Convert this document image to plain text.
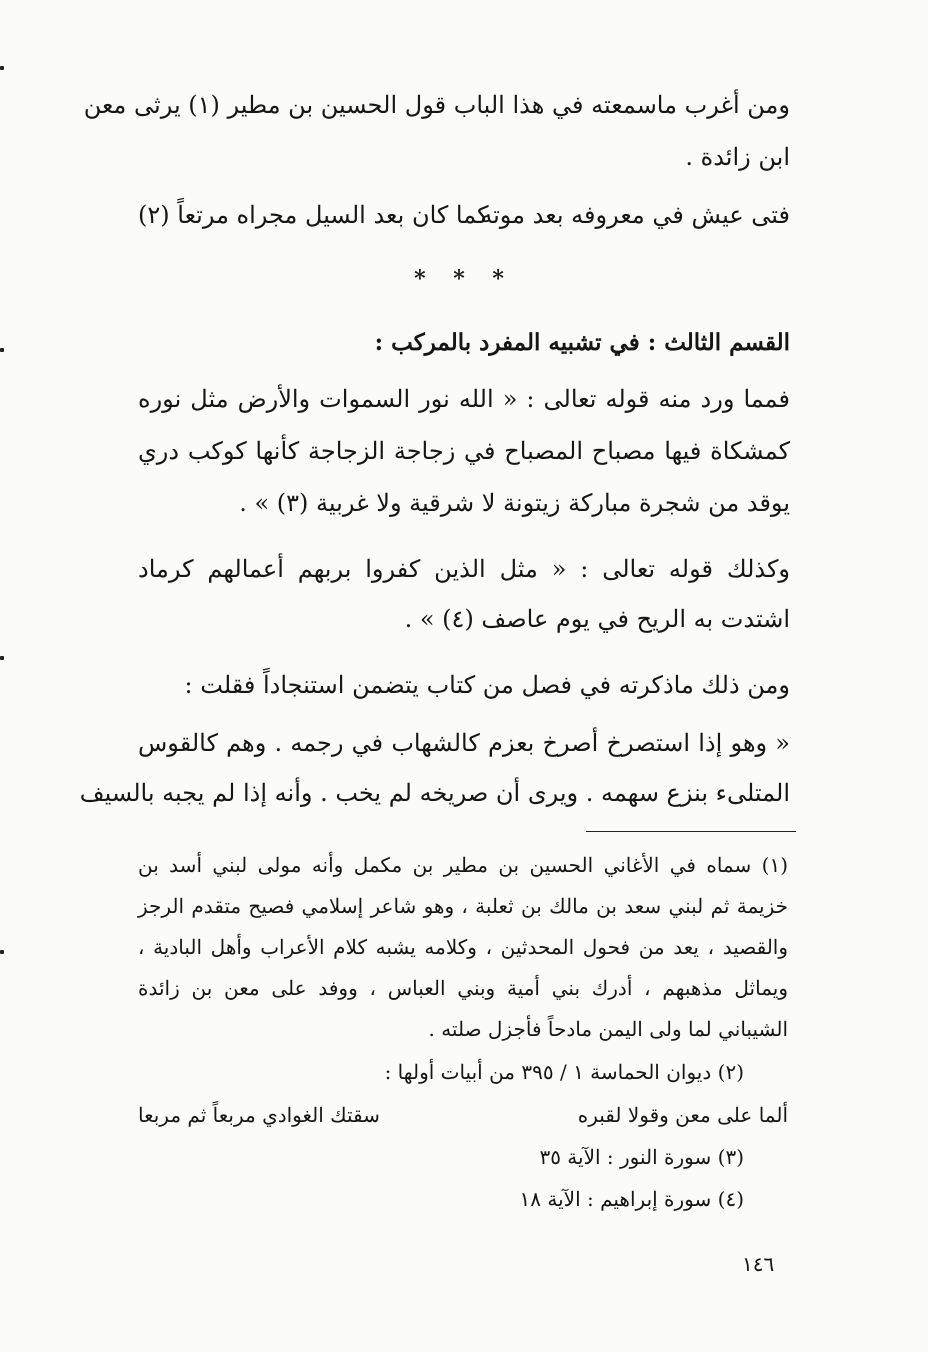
ومن أغرب ماسمعته في هذا الباب قول الحسين بن مطير (١) يرثى معن
ابن زائدة .
فتى عيش في معروفه بعد موته
كما كان بعد السيل مجراه مرتعاً (٢)
* * *
القسم الثالث : في تشبيه المفرد بالمركب :
فمما ورد منه قوله تعالى : « الله نور السموات والأرض مثل نوره
كمشكاة فيها مصباح المصباح في زجاجة الزجاجة كأنها كوكب دري
يوقد من شجرة مباركة زيتونة لا شرقية ولا غربية (٣) » .
وكذلك قوله تعالى : « مثل الذين كفروا بربهم أعمالهم كرماد
اشتدت به الريح في يوم عاصف (٤) » .
ومن ذلك ماذكرته في فصل من كتاب يتضمن استنجاداً فقلت :
« وهو إذا استصرخ أصرخ بعزم كالشهاب في رجمه . وهم كالقوس
المتلىء بنزع سهمه . ويرى أن صريخه لم يخب . وأنه إذا لم يجبه بالسيف
(١) سماه في الأغاني الحسين بن مطير بن مكمل وأنه مولى لبني أسد بن
خزيمة ثم لبني سعد بن مالك بن ثعلبة ، وهو شاعر إسلامي فصيح متقدم الرجز
والقصيد ، يعد من فحول المحدثين ، وكلامه يشبه كلام الأعراب وأهل البادية ،
ويماثل مذهبهم ، أدرك بني أمية وبني العباس ، ووفد على معن بن زائدة
الشيباني لما ولى اليمن مادحاً فأجزل صلته .
(٢) ديوان الحماسة ١ / ٣٩٥ من أبيات أولها :
ألما على معن وقولا لقبره
سقتك الغوادي مربعاً ثم مربعا
(٣) سورة النور : الآية ٣٥
(٤) سورة إبراهيم : الآية ١٨
١٤٦
